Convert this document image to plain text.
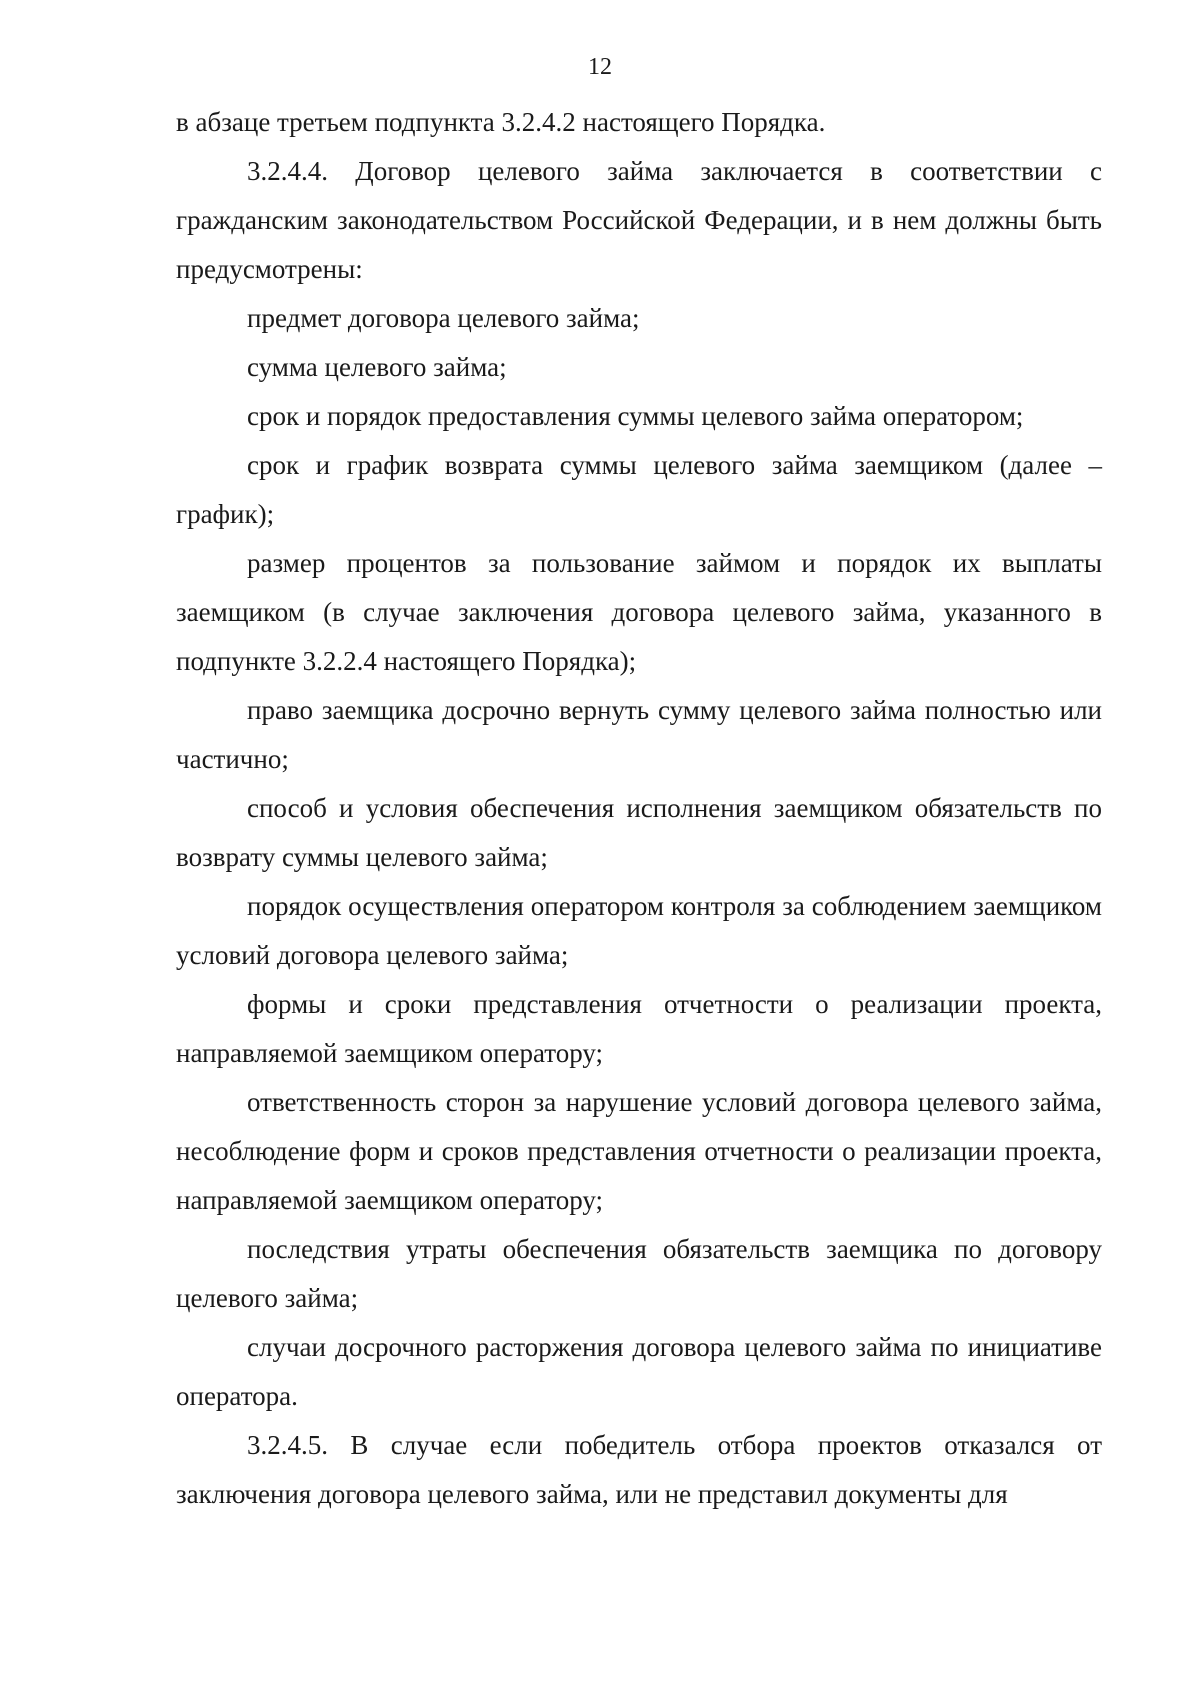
12

в абзаце третьем подпункта 3.2.4.2 настоящего Порядка.

3.2.4.4. Договор целевого займа заключается в соответствии с гражданским законодательством Российской Федерации, и в нем должны быть предусмотрены:

предмет договора целевого займа;

сумма целевого займа;

срок и порядок предоставления суммы целевого займа оператором;

срок и график возврата суммы целевого займа заемщиком (далее – график);

размер процентов за пользование займом и порядок их выплаты заемщиком (в случае заключения договора целевого займа, указанного в подпункте 3.2.2.4 настоящего Порядка);

право заемщика досрочно вернуть сумму целевого займа полностью или частично;

способ и условия обеспечения исполнения заемщиком обязательств по возврату суммы целевого займа;

порядок осуществления оператором контроля за соблюдением заемщиком условий договора целевого займа;

формы и сроки представления отчетности о реализации проекта, направляемой заемщиком оператору;

ответственность сторон за нарушение условий договора целевого займа, несоблюдение форм и сроков представления отчетности о реализации проекта, направляемой заемщиком оператору;

последствия утраты обеспечения обязательств заемщика по договору целевого займа;

случаи досрочного расторжения договора целевого займа по инициативе оператора.

3.2.4.5. В случае если победитель отбора проектов отказался от заключения договора целевого займа, или не представил документы для
